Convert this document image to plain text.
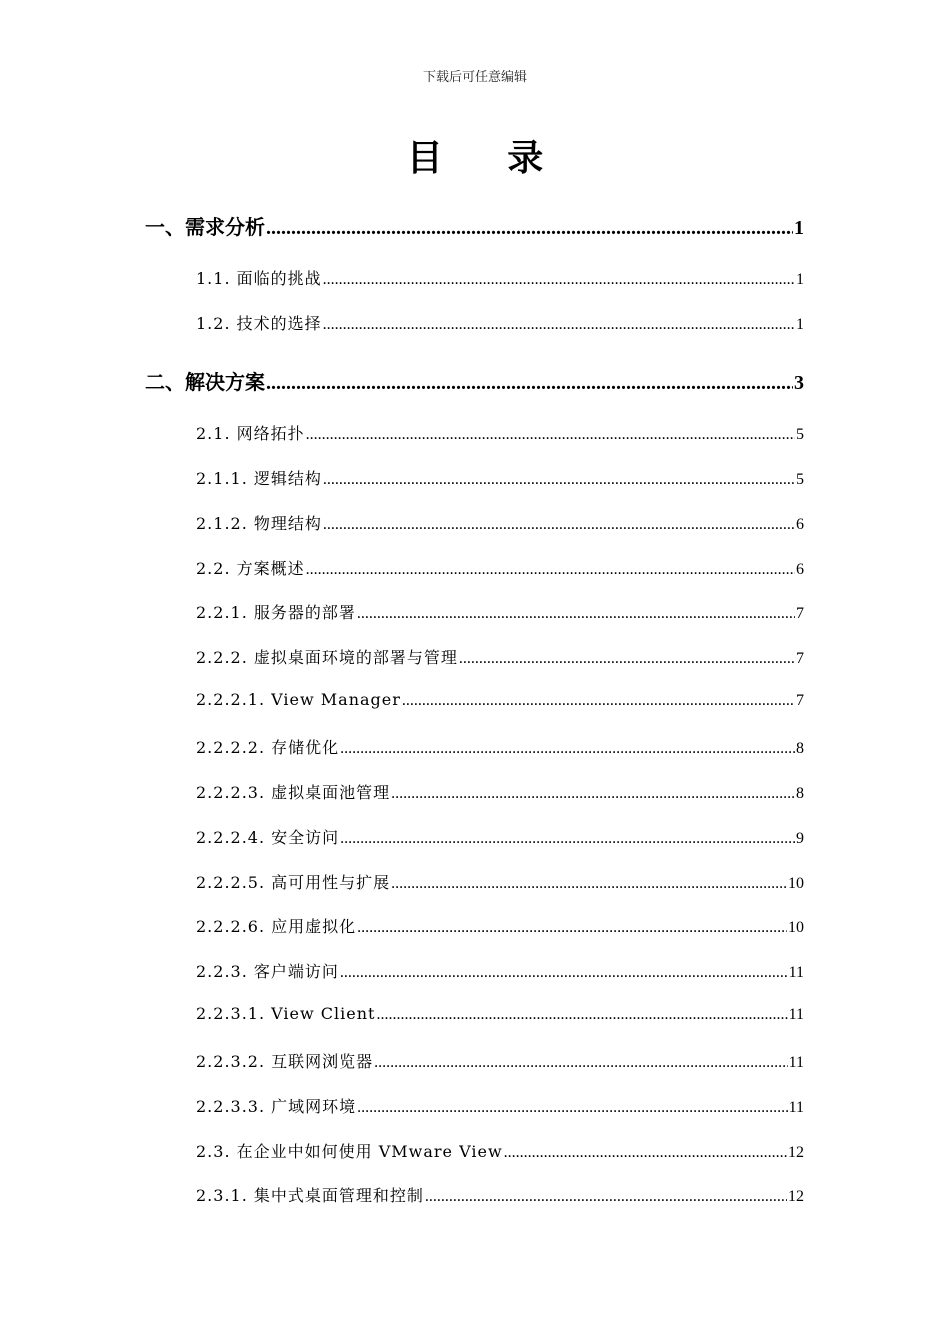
下载后可任意编辑
目 录
一、需求分析 .....	1
1.1. 面临的挑战 .....	1
1.2. 技术的选择 .....	1
二、解决方案 .....	3
2.1. 网络拓扑 .....	5
2.1.1. 逻辑结构 .....	5
2.1.2. 物理结构 .....	6
2.2. 方案概述 .....	6
2.2.1. 服务器的部署 .....	7
2.2.2. 虚拟桌面环境的部署与管理 .....	7
2.2.2.1. View Manager .....	7
2.2.2.2. 存储优化 .....	8
2.2.2.3. 虚拟桌面池管理 .....	8
2.2.2.4. 安全访问 .....	9
2.2.2.5. 高可用性与扩展 .....	10
2.2.2.6. 应用虚拟化 .....	10
2.2.3. 客户端访问 .....	11
2.2.3.1. View Client .....	11
2.2.3.2. 互联网浏览器 .....	11
2.2.3.3. 广域网环境 .....	11
2.3. 在企业中如何使用 VMware View .....	12
2.3.1. 集中式桌面管理和控制 .....	12
